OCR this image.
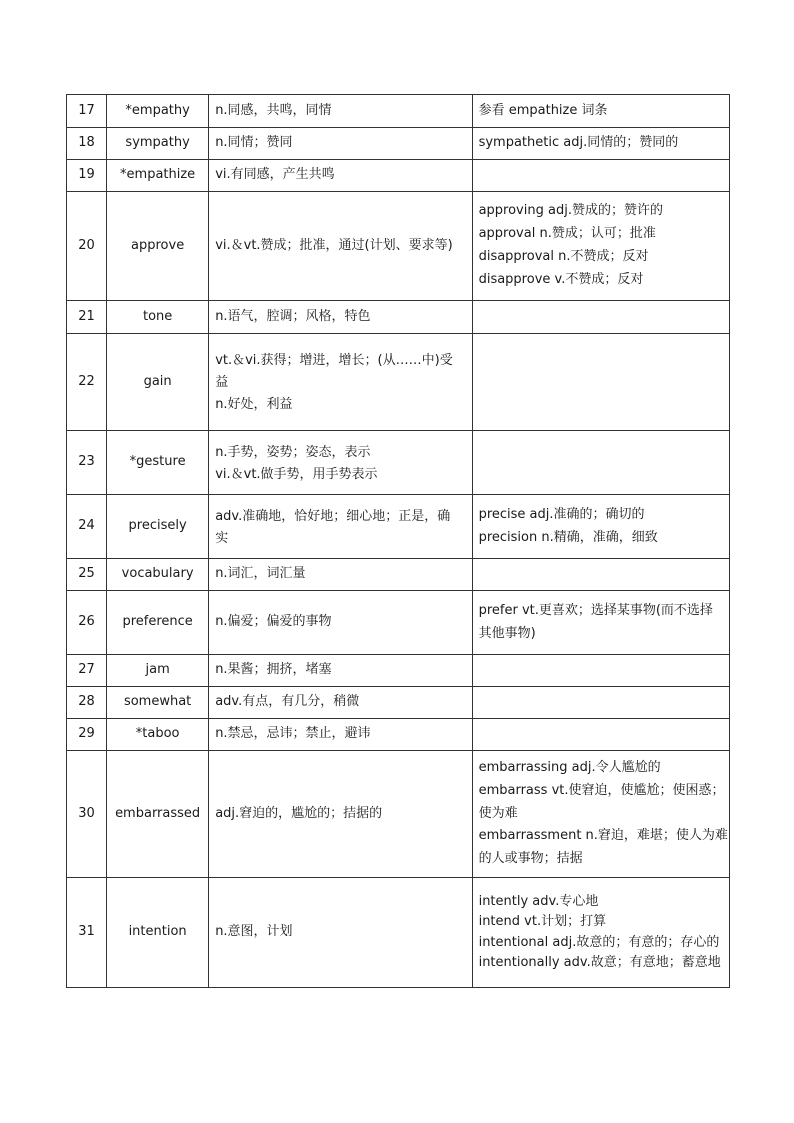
17	*empathy	n.同感，共鸣，同情	参看 empathize 词条

18	sympathy	n.同情；赞同	sympathetic adj.同情的；赞同的

19	*empathize	vi.有同感，产生共鸣	

20	approve	vi.＆vt.赞成；批准，通过(计划、要求等)	approving adj.赞成的；赞许的
approval n.赞成；认可；批准
disapproval n.不赞成；反对
disapprove v.不赞成；反对

21	tone	n.语气，腔调；风格，特色	

22	gain	vt.＆vi.获得；增进，增长；(从……中)受
益
n.好处，利益	

23	*gesture	n.手势，姿势；姿态，表示
vi.＆vt.做手势，用手势表示	

24	precisely	adv.准确地，恰好地；细心地；正是，确
实	precise adj.准确的；确切的
precision n.精确，准确，细致

25	vocabulary	n.词汇，词汇量	

26	preference	n.偏爱；偏爱的事物	prefer vt.更喜欢；选择某事物(而不选择
其他事物)

27	jam	n.果酱；拥挤，堵塞	

28	somewhat	adv.有点，有几分，稍微	

29	*taboo	n.禁忌，忌讳；禁止，避讳	

30	embarrassed	adj.窘迫的，尴尬的；拮据的	embarrassing adj.令人尴尬的
embarrass vt.使窘迫，使尴尬；使困惑；
使为难
embarrassment n.窘迫，难堪；使人为难
的人或事物；拮据

31	intention	n.意图，计划	intently adv.专心地
intend vt.计划；打算
intentional adj.故意的；有意的；存心的
intentionally adv.故意；有意地；蓄意地
